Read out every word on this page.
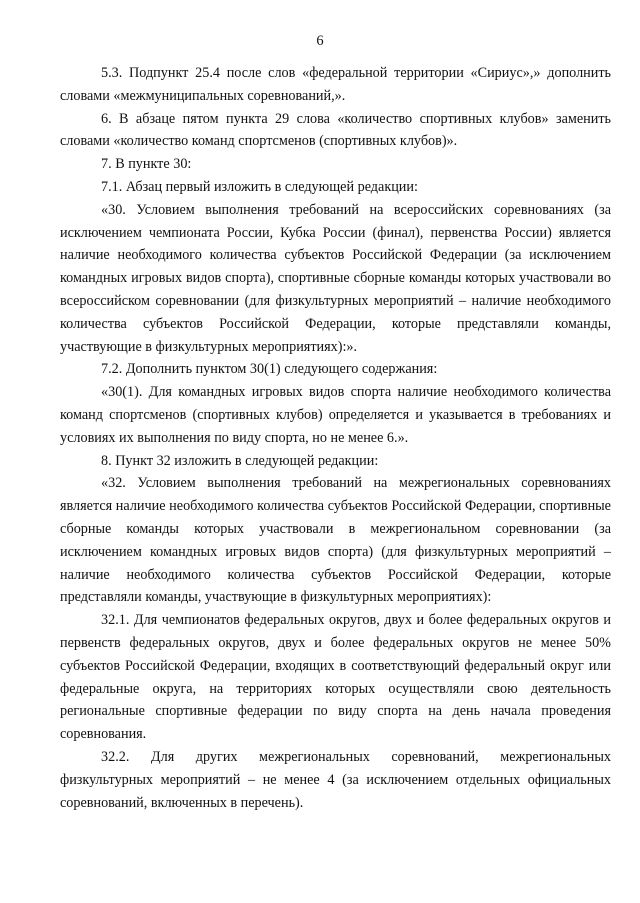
6

5.3. Подпункт 25.4 после слов «федеральной территории «Сириус»,» дополнить словами «межмуниципальных соревнований,».

6. В абзаце пятом пункта 29 слова «количество спортивных клубов» заменить словами «количество команд спортсменов (спортивных клубов)».

7. В пункте 30:

7.1. Абзац первый изложить в следующей редакции:

«30. Условием выполнения требований на всероссийских соревнованиях (за исключением чемпионата России, Кубка России (финал), первенства России) является наличие необходимого количества субъектов Российской Федерации (за исключением командных игровых видов спорта), спортивные сборные команды которых участвовали во всероссийском соревновании (для физкультурных мероприятий – наличие необходимого количества субъектов Российской Федерации, которые представляли команды, участвующие в физкультурных мероприятиях):».

7.2. Дополнить пунктом 30(1) следующего содержания:

«30(1). Для командных игровых видов спорта наличие необходимого количества команд спортсменов (спортивных клубов) определяется и указывается в требованиях и условиях их выполнения по виду спорта, но не менее 6.».

8. Пункт 32 изложить в следующей редакции:

«32. Условием выполнения требований на межрегиональных соревнованиях является наличие необходимого количества субъектов Российской Федерации, спортивные сборные команды которых участвовали в межрегиональном соревновании (за исключением командных игровых видов спорта) (для физкультурных мероприятий – наличие необходимого количества субъектов Российской Федерации, которые представляли команды, участвующие в физкультурных мероприятиях):

32.1. Для чемпионатов федеральных округов, двух и более федеральных округов и первенств федеральных округов, двух и более федеральных округов не менее 50% субъектов Российской Федерации, входящих в соответствующий федеральный округ или федеральные округа, на территориях которых осуществляли свою деятельность региональные спортивные федерации по виду спорта на день начала проведения соревнования.

32.2. Для других межрегиональных соревнований, межрегиональных физкультурных мероприятий – не менее 4 (за исключением отдельных официальных соревнований, включенных в перечень).
